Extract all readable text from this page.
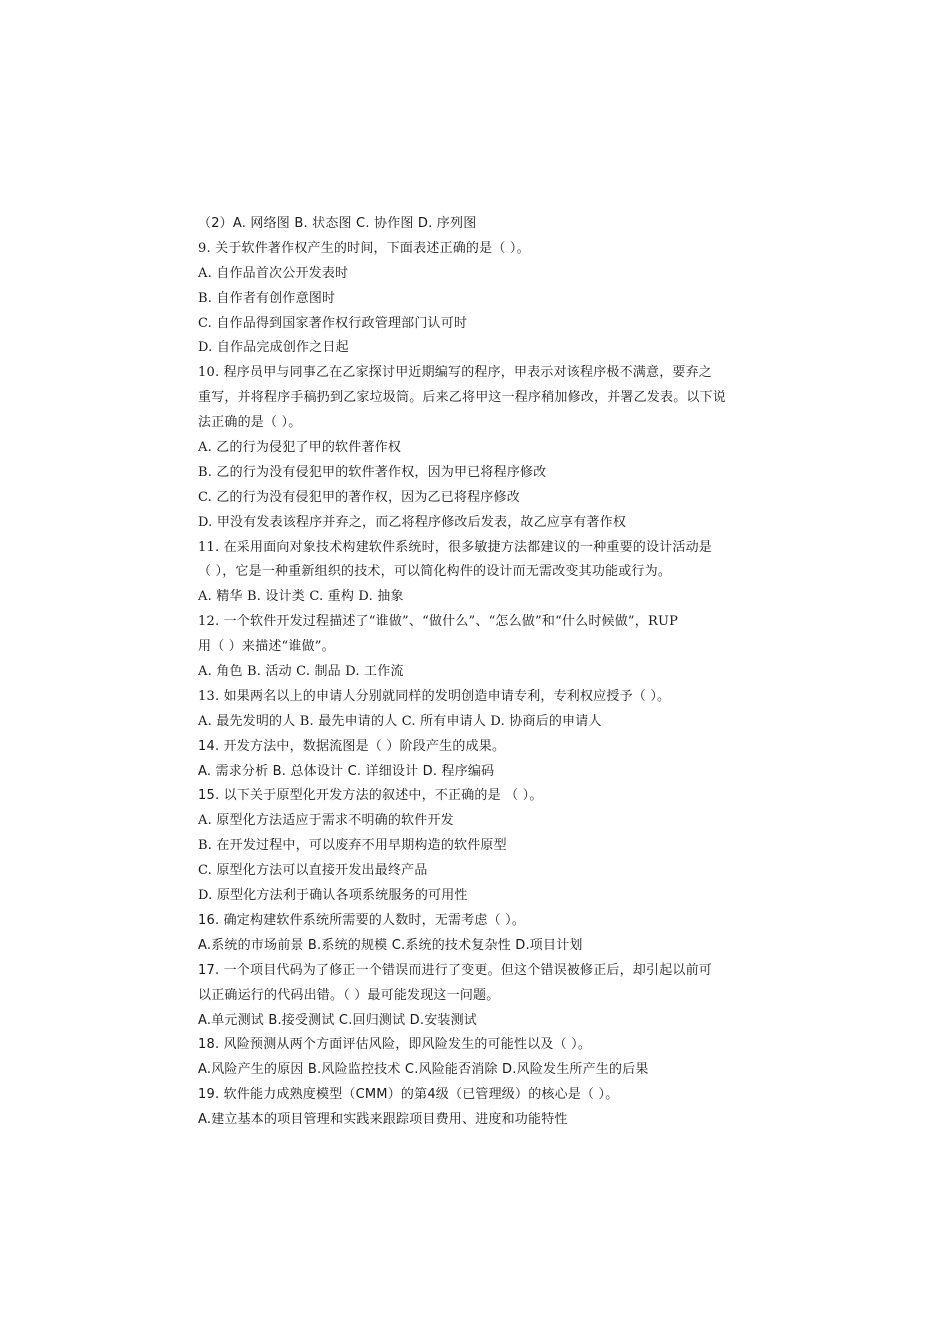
（2）A. 网络图 B. 状态图 C. 协作图 D. 序列图
9. 关于软件著作权产生的时间，下面表述正确的是（ ）。
A. 自作品首次公开发表时
B. 自作者有创作意图时
C. 自作品得到国家著作权行政管理部门认可时
D. 自作品完成创作之日起
10. 程序员甲与同事乙在乙家探讨甲近期编写的程序，甲表示对该程序极不满意，要弃之
重写，并将程序手稿扔到乙家垃圾筒。后来乙将甲这一程序稍加修改，并署乙发表。以下说
法正确的是（ ）。
A. 乙的行为侵犯了甲的软件著作权
B. 乙的行为没有侵犯甲的软件著作权，因为甲已将程序修改
C. 乙的行为没有侵犯甲的著作权，因为乙已将程序修改
D. 甲没有发表该程序并弃之，而乙将程序修改后发表，故乙应享有著作权
11. 在采用面向对象技术构建软件系统时，很多敏捷方法都建议的一种重要的设计活动是
（ ），它是一种重新组织的技术，可以简化构件的设计而无需改变其功能或行为。
A. 精华 B. 设计类 C. 重构 D. 抽象
12. 一个软件开发过程描述了“谁做”、“做什么”、“怎么做”和“什么时候做”，RUP
用（ ）来描述“谁做”。
A. 角色 B. 活动 C. 制品 D. 工作流
13. 如果两名以上的申请人分别就同样的发明创造申请专利，专利权应授予（ ）。
A. 最先发明的人 B. 最先申请的人 C. 所有申请人 D. 协商后的申请人
14. 开发方法中，数据流图是（ ）阶段产生的成果。
A. 需求分析 B. 总体设计 C. 详细设计 D. 程序编码
15. 以下关于原型化开发方法的叙述中，不正确的是 （ ）。
A. 原型化方法适应于需求不明确的软件开发
B. 在开发过程中，可以废弃不用早期构造的软件原型
C. 原型化方法可以直接开发出最终产品
D. 原型化方法利于确认各项系统服务的可用性
16. 确定构建软件系统所需要的人数时，无需考虑（ ）。
A.系统的市场前景 B.系统的规模 C.系统的技术复杂性 D.项目计划
17. 一个项目代码为了修正一个错误而进行了变更。但这个错误被修正后，却引起以前可
以正确运行的代码出错。（ ）最可能发现这一问题。
A.单元测试 B.接受测试 C.回归测试 D.安装测试
18. 风险预测从两个方面评估风险，即风险发生的可能性以及（ ）。
A.风险产生的原因 B.风险监控技术 C.风险能否消除 D.风险发生所产生的后果
19. 软件能力成熟度模型（CMM）的第4级（已管理级）的核心是（ ）。
A.建立基本的项目管理和实践来跟踪项目费用、进度和功能特性
